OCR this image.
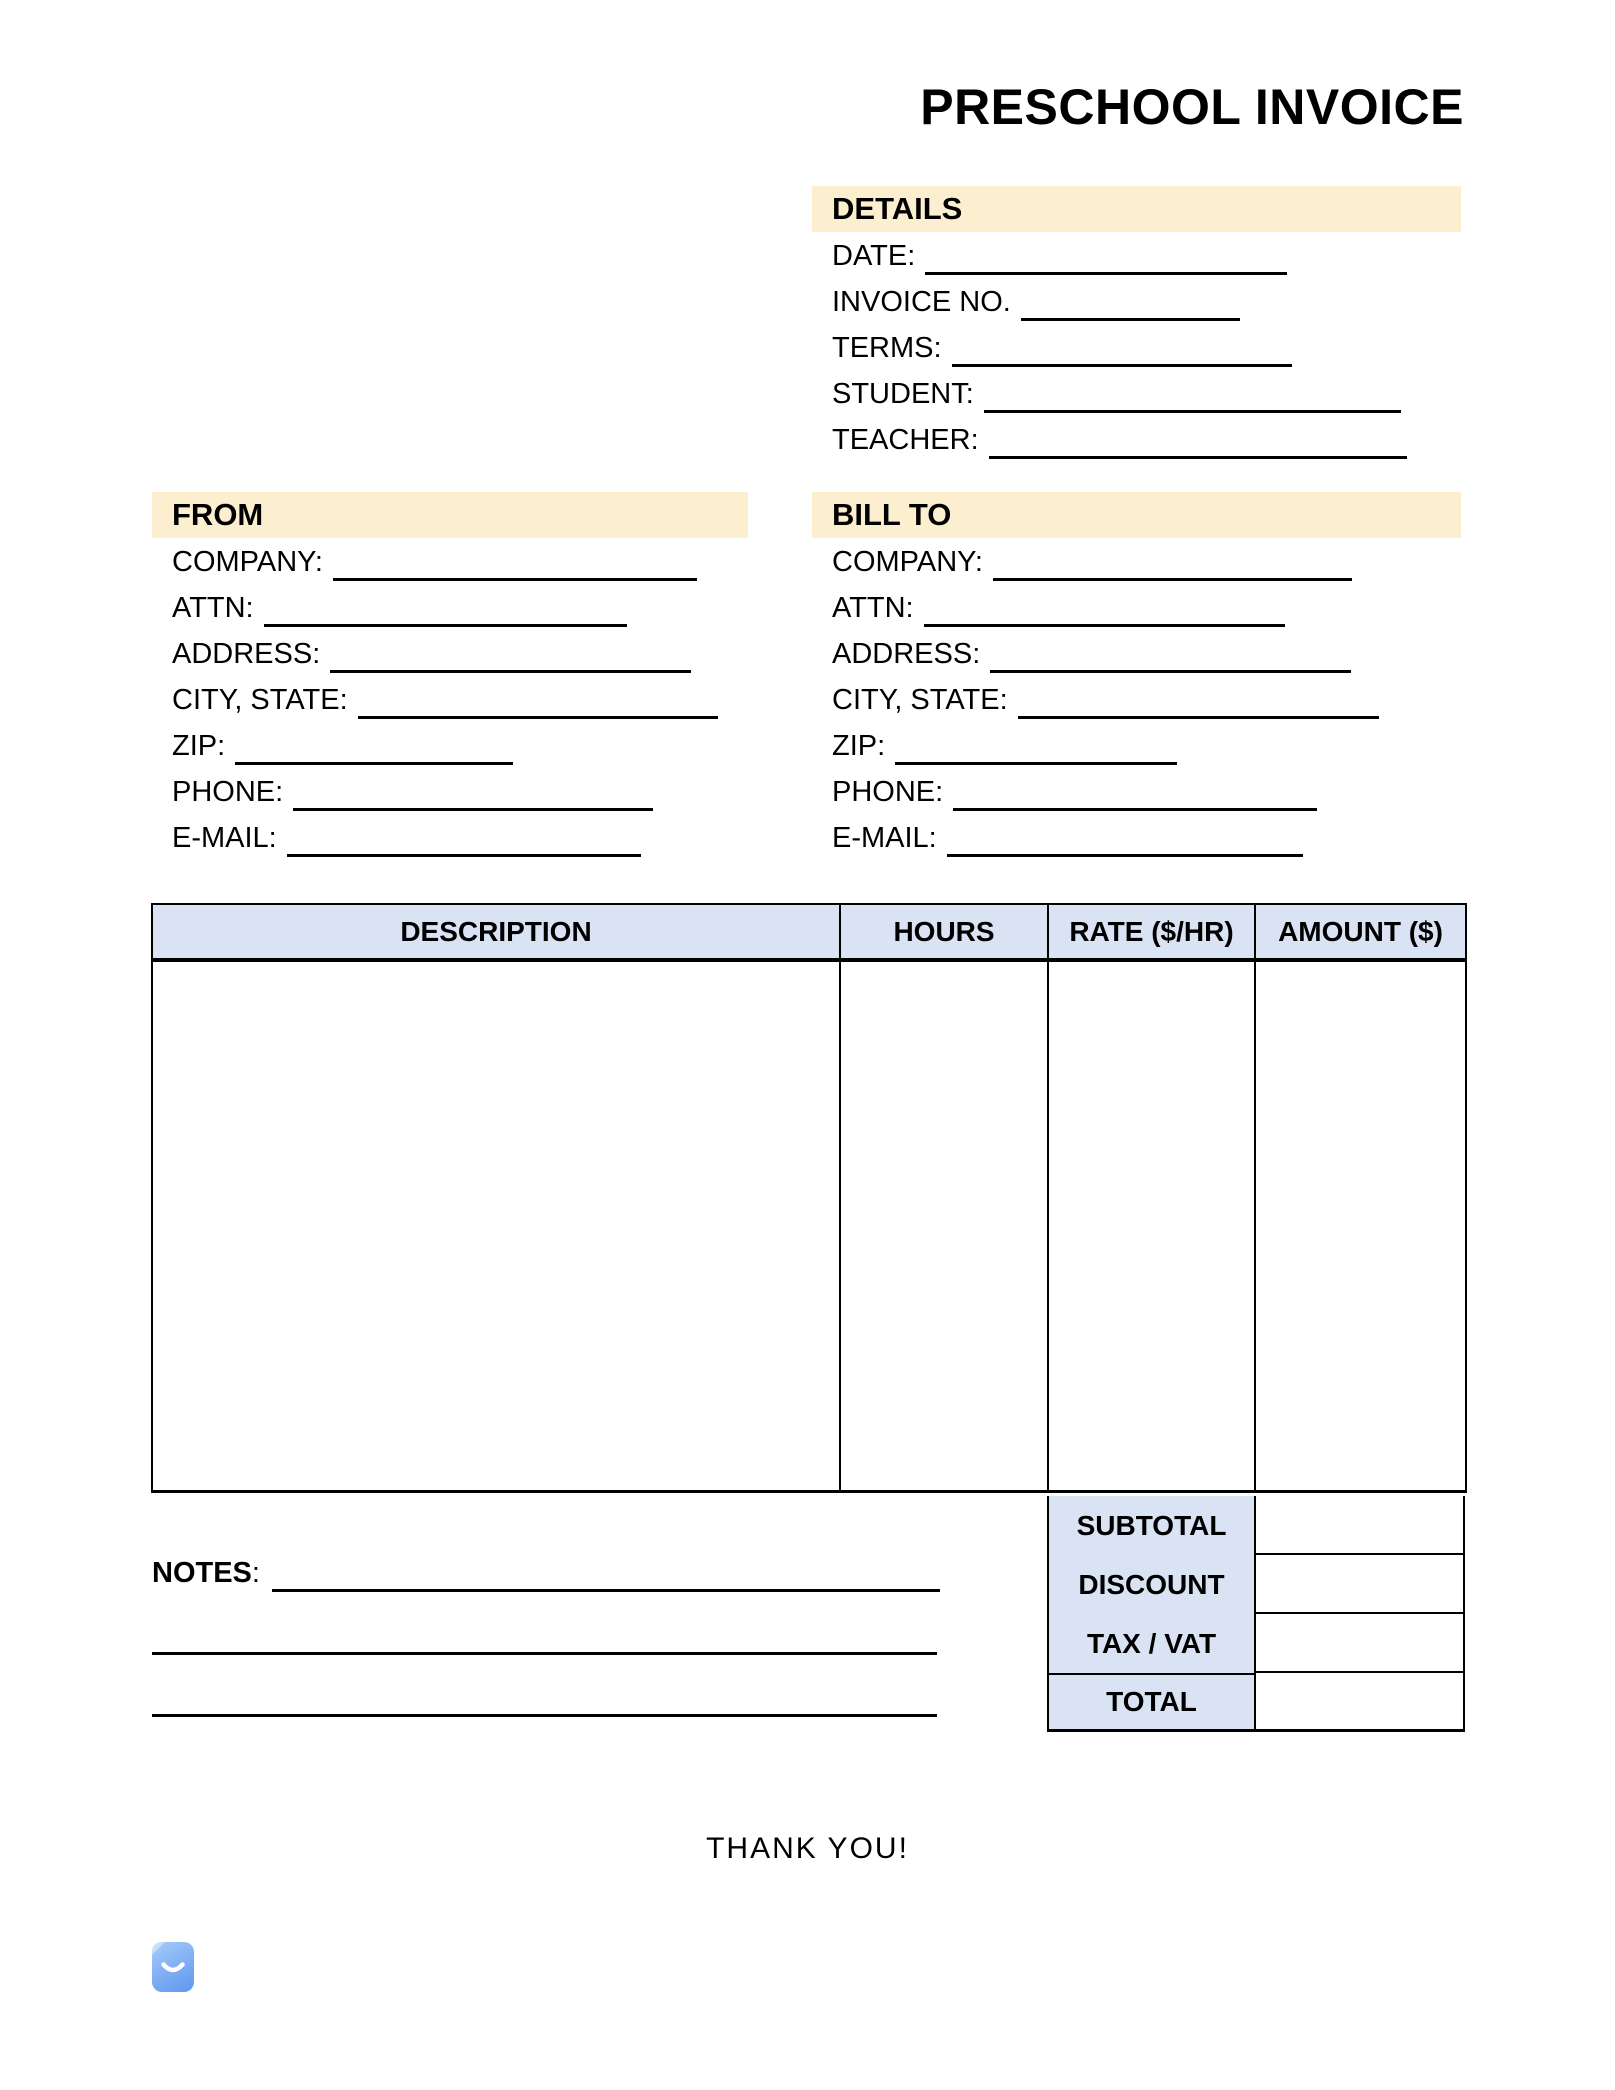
PRESCHOOL INVOICE
DETAILS
DATE:
INVOICE NO.
TERMS:
STUDENT:
TEACHER:
FROM
COMPANY:
ATTN:
ADDRESS:
CITY, STATE:
ZIP:
PHONE:
E-MAIL:
BILL TO
COMPANY:
ATTN:
ADDRESS:
CITY, STATE:
ZIP:
PHONE:
E-MAIL:
DESCRIPTION	HOURS	RATE ($/HR)	AMOUNT ($)

SUBTOTAL
DISCOUNT
TAX / VAT
TOTAL
NOTES :
THANK YOU!
